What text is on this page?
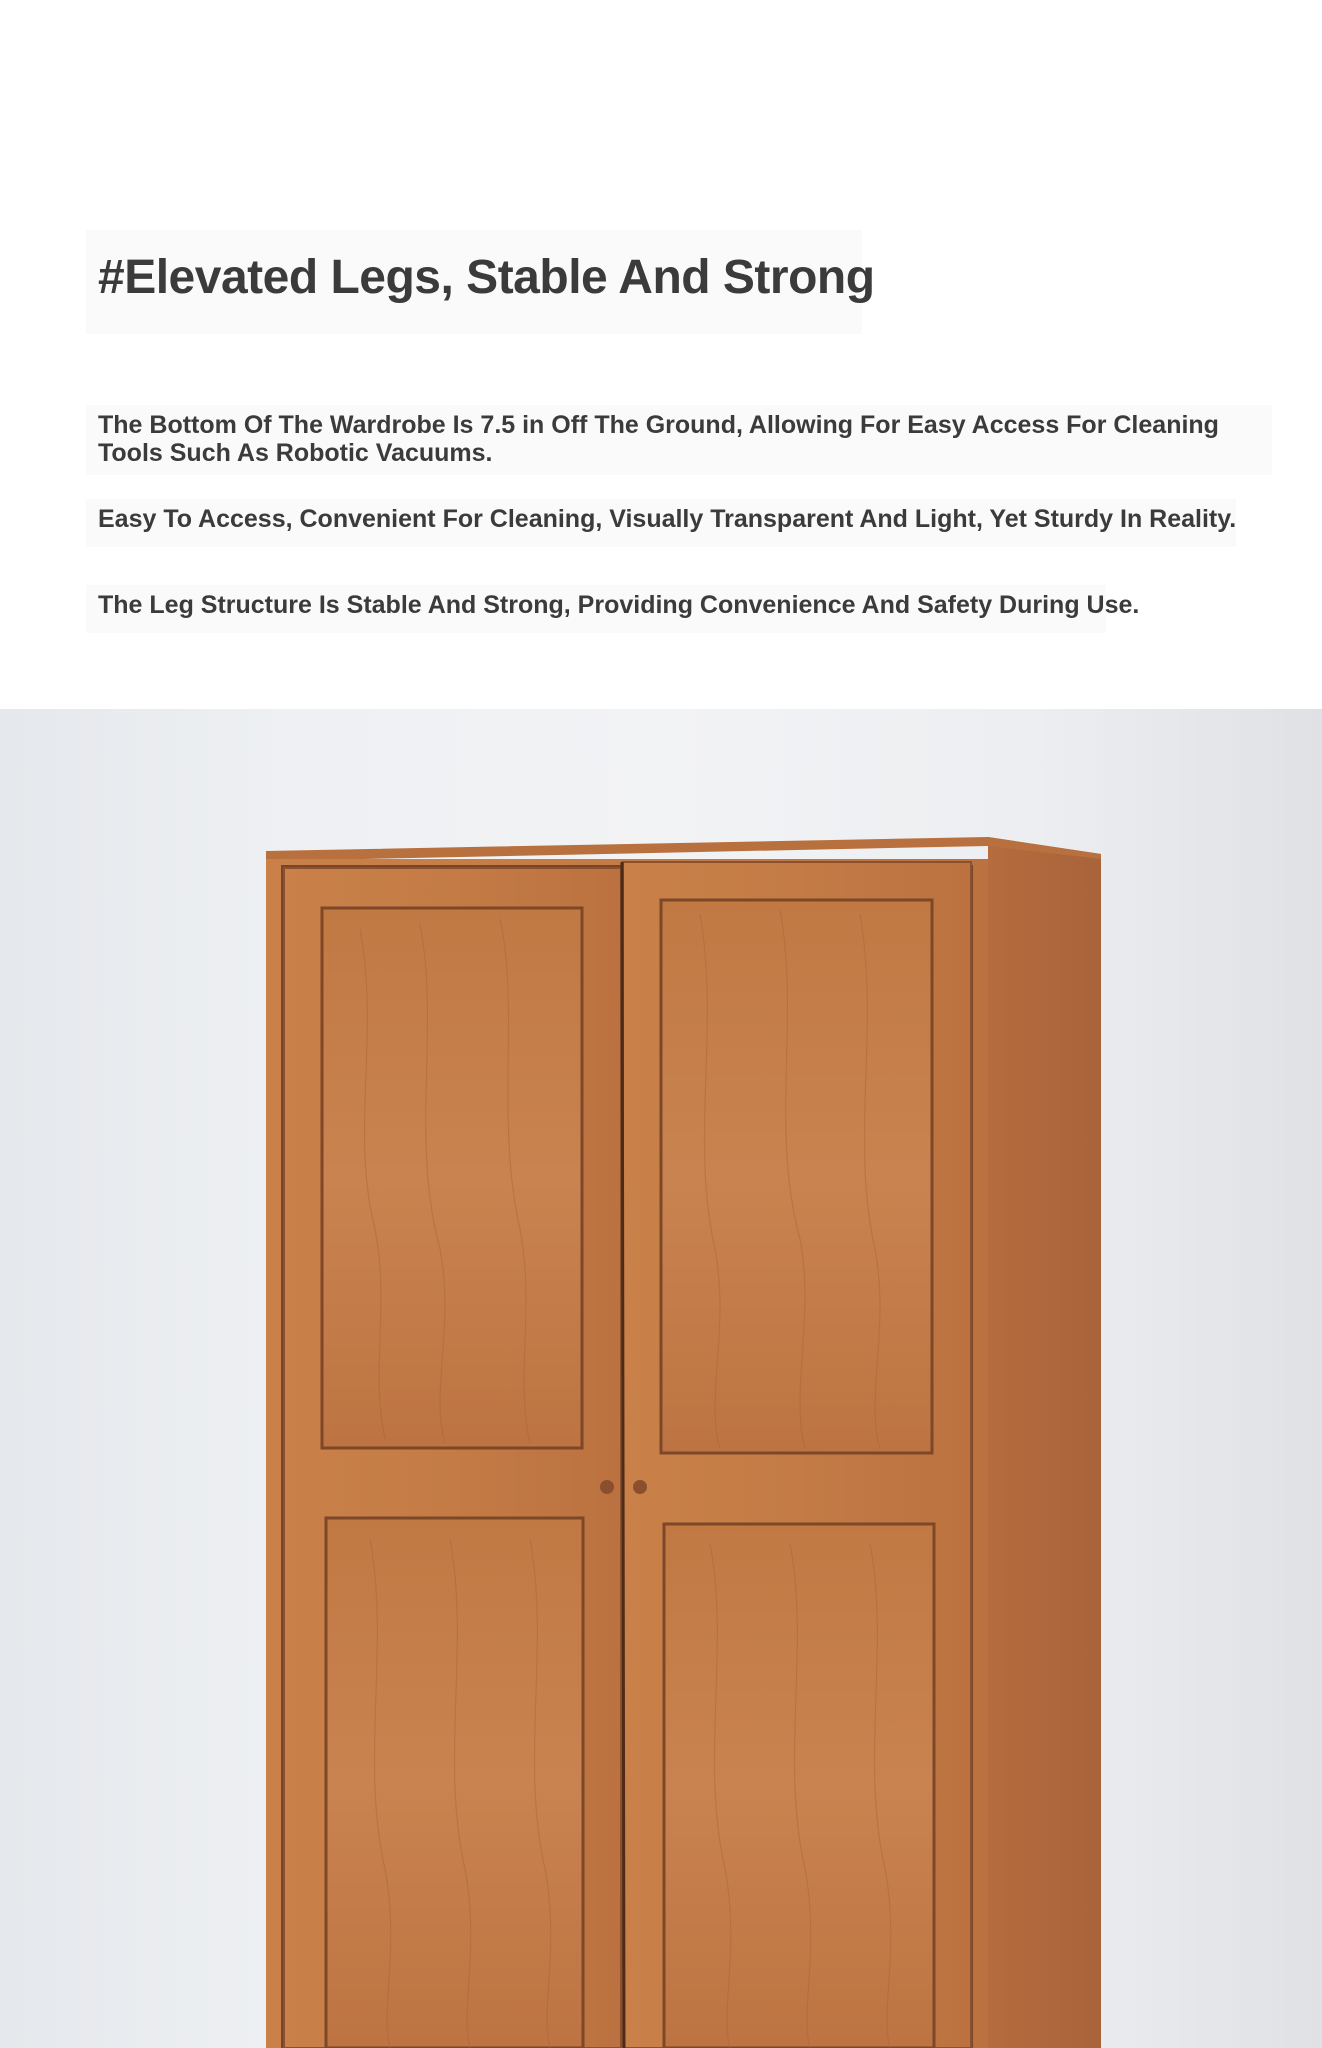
#Elevated Legs, Stable And Strong

The Bottom Of The Wardrobe Is 7.5 in Off The Ground, Allowing For Easy Access For Cleaning Tools Such As Robotic Vacuums.

Easy To Access, Convenient For Cleaning, Visually Transparent And Light, Yet Sturdy In Reality.

The Leg Structure Is Stable And Strong, Providing Convenience And Safety During Use.
